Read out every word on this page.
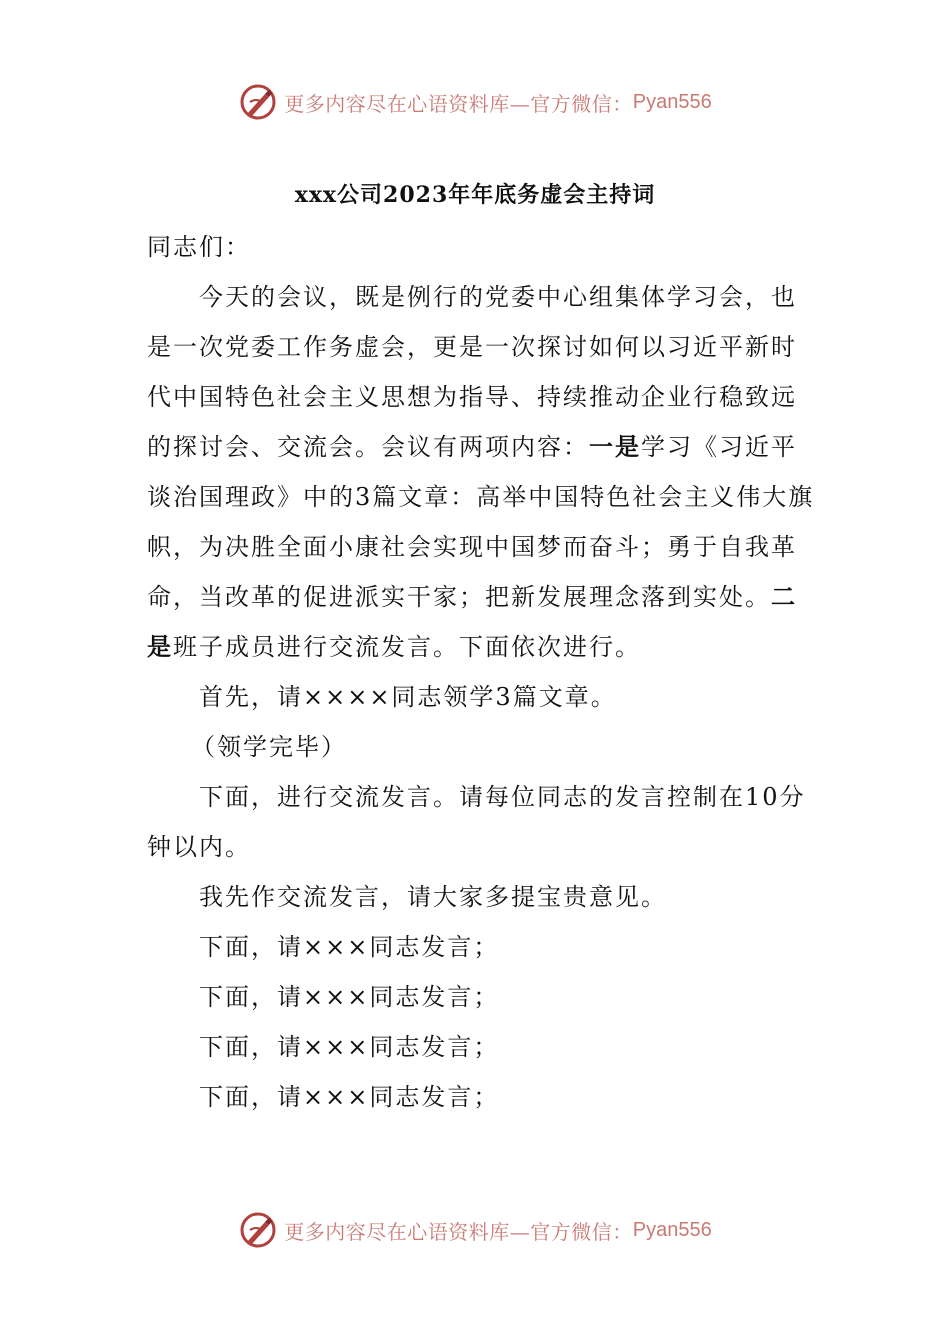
更多内容尽在心语资料库—官方微信： Pyan556
xxx公司2023年年底务虚会主持词
同志们：
今天的会议，既是例行的党委中心组集体学习会，也
是一次党委工作务虚会，更是一次探讨如何以习近平新时
代中国特色社会主义思想为指导、持续推动企业行稳致远
的探讨会、交流会。会议有两项内容：一是学习《习近平
谈治国理政》中的3篇文章：高举中国特色社会主义伟大旗
帜，为决胜全面小康社会实现中国梦而奋斗；勇于自我革
命，当改革的促进派实干家；把新发展理念落到实处。二
是班子成员进行交流发言。下面依次进行。
首先，请××××同志领学3篇文章。
（领学完毕）
下面，进行交流发言。请每位同志的发言控制在10分
钟以内。
我先作交流发言，请大家多提宝贵意见。
下面，请×××同志发言；
下面，请×××同志发言；
下面，请×××同志发言；
下面，请×××同志发言；
更多内容尽在心语资料库—官方微信： Pyan556
